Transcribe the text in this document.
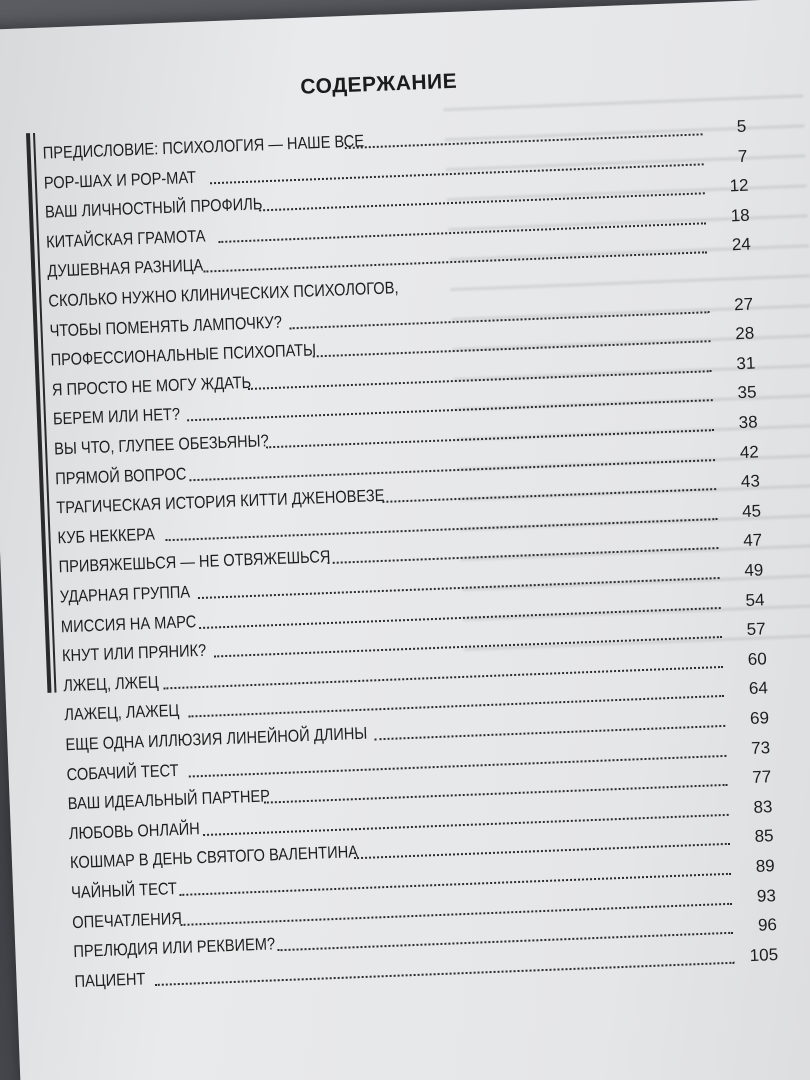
СОДЕРЖАНИЕ
ПРЕДИСЛОВИЕ: ПСИХОЛОГИЯ — НАШЕ ВСЕ
5
РОР-ШАХ И РОР-МАТ
7
ВАШ ЛИЧНОСТНЫЙ ПРОФИЛЬ
12
КИТАЙСКАЯ ГРАМОТА
18
ДУШЕВНАЯ РАЗНИЦА
24
СКОЛЬКО НУЖНО КЛИНИЧЕСКИХ ПСИХОЛОГОВ,
ЧТОБЫ ПОМЕНЯТЬ ЛАМПОЧКУ?
27
ПРОФЕССИОНАЛЬНЫЕ ПСИХОПАТЫ
28
Я ПРОСТО НЕ МОГУ ЖДАТЬ
31
БЕРЕМ ИЛИ НЕТ?
35
ВЫ ЧТО, ГЛУПЕЕ ОБЕЗЬЯНЫ?
38
ПРЯМОЙ ВОПРОС
42
ТРАГИЧЕСКАЯ ИСТОРИЯ КИТТИ ДЖЕНОВЕЗЕ
43
КУБ НЕККЕРА
45
ПРИВЯЖЕШЬСЯ — НЕ ОТВЯЖЕШЬСЯ
47
УДАРНАЯ ГРУППА
49
МИССИЯ НА МАРС
54
КНУТ ИЛИ ПРЯНИК?
57
ЛЖЕЦ, ЛЖЕЦ
60
ЛАЖЕЦ, ЛАЖЕЦ
64
ЕЩЕ ОДНА ИЛЛЮЗИЯ ЛИНЕЙНОЙ ДЛИНЫ
69
СОБАЧИЙ ТЕСТ
73
ВАШ ИДЕАЛЬНЫЙ ПАРТНЕР
77
ЛЮБОВЬ ОНЛАЙН
83
КОШМАР В ДЕНЬ СВЯТОГО ВАЛЕНТИНА
85
ЧАЙНЫЙ ТЕСТ
89
ОПЕЧАТЛЕНИЯ
93
ПРЕЛЮДИЯ ИЛИ РЕКВИЕМ?
96
ПАЦИЕНТ
105
